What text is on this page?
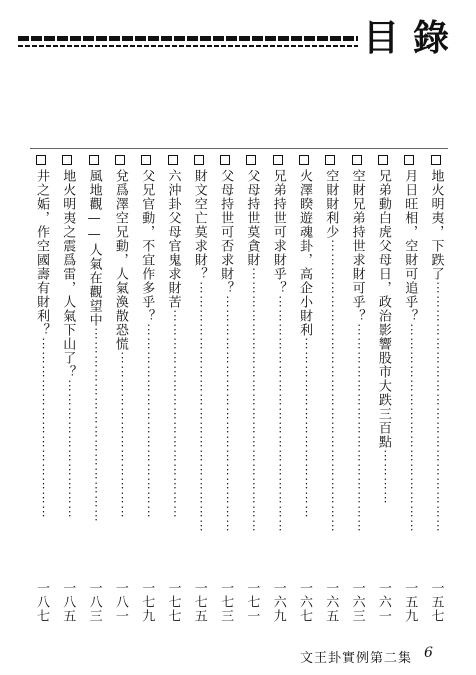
目錄
地火明夷，下跌了⋯⋯⋯⋯⋯⋯⋯⋯⋯⋯⋯⋯⋯⋯⋯⋯⋯⋯
一五七
月日旺相，空財可追乎？⋯⋯⋯⋯⋯⋯⋯⋯⋯⋯⋯⋯⋯⋯⋯
一五九
兄弟動白虎父母日，政治影響股市大跌三百點⋯⋯⋯⋯
一六一
空財兄弟持世求財可乎？⋯⋯⋯⋯⋯⋯⋯⋯⋯⋯⋯⋯⋯⋯⋯
一六三
空財財利少⋯⋯⋯⋯⋯⋯⋯⋯⋯⋯⋯⋯⋯⋯⋯⋯⋯⋯⋯⋯⋯
一六五
火澤睽遊魂卦，高企小財利⋯⋯⋯⋯⋯⋯⋯⋯⋯⋯⋯⋯⋯
一六七
兄弟持世可求財乎？⋯⋯⋯⋯⋯⋯⋯⋯⋯⋯⋯⋯⋯⋯⋯⋯⋯
一六九
父母持世莫貪財⋯⋯⋯⋯⋯⋯⋯⋯⋯⋯⋯⋯⋯⋯⋯⋯⋯⋯⋯
一七一
父母持世可否求財？⋯⋯⋯⋯⋯⋯⋯⋯⋯⋯⋯⋯⋯⋯⋯⋯⋯
一七三
財文空亡莫求財？⋯⋯⋯⋯⋯⋯⋯⋯⋯⋯⋯⋯⋯⋯⋯⋯⋯⋯
一七五
六沖卦父母官鬼求財苦⋯⋯⋯⋯⋯⋯⋯⋯⋯⋯⋯⋯⋯⋯⋯
一七七
父兄官動，不宜作多乎？⋯⋯⋯⋯⋯⋯⋯⋯⋯⋯⋯⋯⋯⋯
一七九
兌爲澤空兄動，人氣渙散恐慌⋯⋯⋯⋯⋯⋯⋯⋯⋯⋯⋯⋯
一八一
風地觀——人氣在觀望中⋯⋯⋯⋯⋯⋯⋯⋯⋯⋯⋯⋯⋯⋯
一八三
地火明夷之震爲雷，人氣下山了？⋯⋯⋯⋯⋯⋯⋯⋯⋯⋯
一八五
井之姤，作空國壽有財利？⋯⋯⋯⋯⋯⋯⋯⋯⋯⋯⋯⋯⋯
一八七
文王卦實例第二集 6
